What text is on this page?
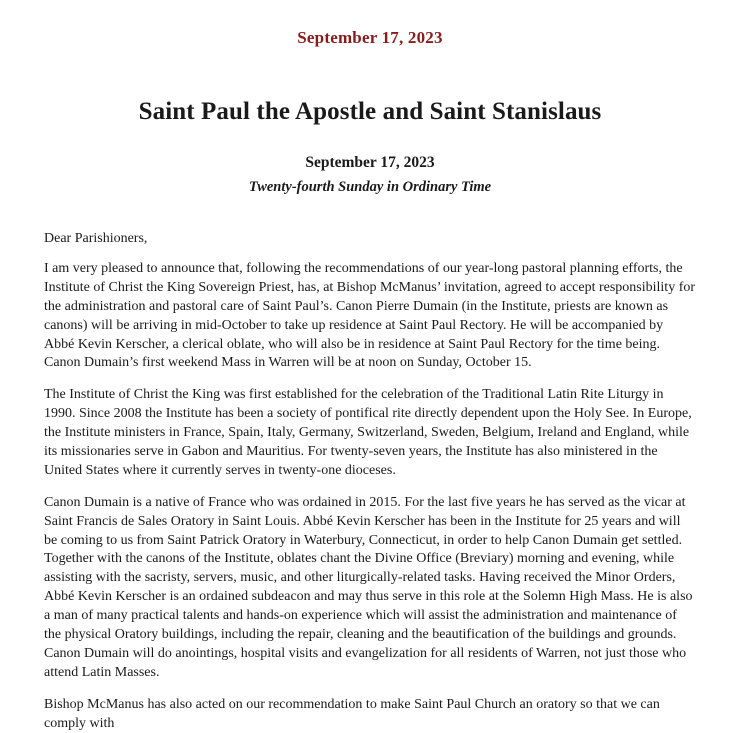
September 17, 2023
Saint Paul the Apostle and Saint Stanislaus
September 17, 2023
Twenty-fourth Sunday in Ordinary Time
Dear Parishioners,

I am very pleased to announce that, following the recommendations of our year-long pastoral planning efforts, the Institute of Christ the King Sovereign Priest, has, at Bishop McManus’ invitation, agreed to accept responsibility for the administration and pastoral care of Saint Paul’s. Canon Pierre Dumain (in the Institute, priests are known as canons) will be arriving in mid-October to take up residence at Saint Paul Rectory. He will be accompanied by Abbé Kevin Kerscher, a clerical oblate, who will also be in residence at Saint Paul Rectory for the time being. Canon Dumain’s first weekend Mass in Warren will be at noon on Sunday, October 15.

The Institute of Christ the King was first established for the celebration of the Traditional Latin Rite Liturgy in 1990. Since 2008 the Institute has been a society of pontifical rite directly dependent upon the Holy See. In Europe, the Institute ministers in France, Spain, Italy, Germany, Switzerland, Sweden, Belgium, Ireland and England, while its missionaries serve in Gabon and Mauritius. For twenty-seven years, the Institute has also ministered in the United States where it currently serves in twenty-one dioceses.

Canon Dumain is a native of France who was ordained in 2015. For the last five years he has served as the vicar at Saint Francis de Sales Oratory in Saint Louis. Abbé Kevin Kerscher has been in the Institute for 25 years and will be coming to us from Saint Patrick Oratory in Waterbury, Connecticut, in order to help Canon Dumain get settled. Together with the canons of the Institute, oblates chant the Divine Office (Breviary) morning and evening, while assisting with the sacristy, servers, music, and other liturgically-related tasks. Having received the Minor Orders, Abbé Kevin Kerscher is an ordained subdeacon and may thus serve in this role at the Solemn High Mass. He is also a man of many practical talents and hands-on experience which will assist the administration and maintenance of the physical Oratory buildings, including the repair, cleaning and the beautification of the buildings and grounds. Canon Dumain will do anointings, hospital visits and evangelization for all residents of Warren, not just those who attend Latin Masses.

Bishop McManus has also acted on our recommendation to make Saint Paul Church an oratory so that we can comply with
